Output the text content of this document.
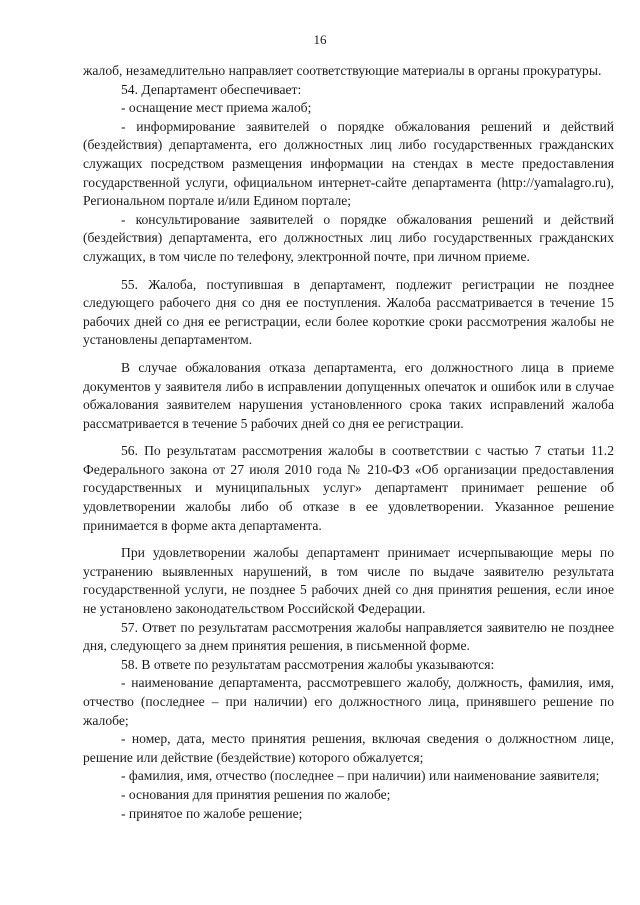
16

жалоб, незамедлительно направляет соответствующие материалы в органы прокуратуры.

54. Департамент обеспечивает:

- оснащение мест приема жалоб;

- информирование заявителей о порядке обжалования решений и действий (бездействия) департамента, его должностных лиц либо государственных гражданских служащих посредством размещения информации на стендах в месте предоставления государственной услуги, официальном интернет-сайте департамента (http://yamalagro.ru), Региональном портале и/или Едином портале;

- консультирование заявителей о порядке обжалования решений и действий (бездействия) департамента, его должностных лиц либо государственных гражданских служащих, в том числе по телефону, электронной почте, при личном приеме.

55. Жалоба, поступившая в департамент, подлежит регистрации не позднее следующего рабочего дня со дня ее поступления. Жалоба рассматривается в течение 15 рабочих дней со дня ее регистрации, если более короткие сроки рассмотрения жалобы не установлены департаментом.

В случае обжалования отказа департамента, его должностного лица в приеме документов у заявителя либо в исправлении допущенных опечаток и ошибок или в случае обжалования заявителем нарушения установленного срока таких исправлений жалоба рассматривается в течение 5 рабочих дней со дня ее регистрации.

56. По результатам рассмотрения жалобы в соответствии с частью 7 статьи 11.2 Федерального закона от 27 июля 2010 года № 210-ФЗ «Об организации предоставления государственных и муниципальных услуг» департамент принимает решение об удовлетворении жалобы либо об отказе в ее удовлетворении. Указанное решение принимается в форме акта департамента.

При удовлетворении жалобы департамент принимает исчерпывающие меры по устранению выявленных нарушений, в том числе по выдаче заявителю результата государственной услуги, не позднее 5 рабочих дней со дня принятия решения, если иное не установлено законодательством Российской Федерации.

57. Ответ по результатам рассмотрения жалобы направляется заявителю не позднее дня, следующего за днем принятия решения, в письменной форме.

58. В ответе по результатам рассмотрения жалобы указываются:

- наименование департамента, рассмотревшего жалобу, должность, фамилия, имя, отчество (последнее – при наличии) его должностного лица, принявшего решение по жалобе;

- номер, дата, место принятия решения, включая сведения о должностном лице, решение или действие (бездействие) которого обжалуется;

- фамилия, имя, отчество (последнее – при наличии) или наименование заявителя;

- основания для принятия решения по жалобе;

- принятое по жалобе решение;
